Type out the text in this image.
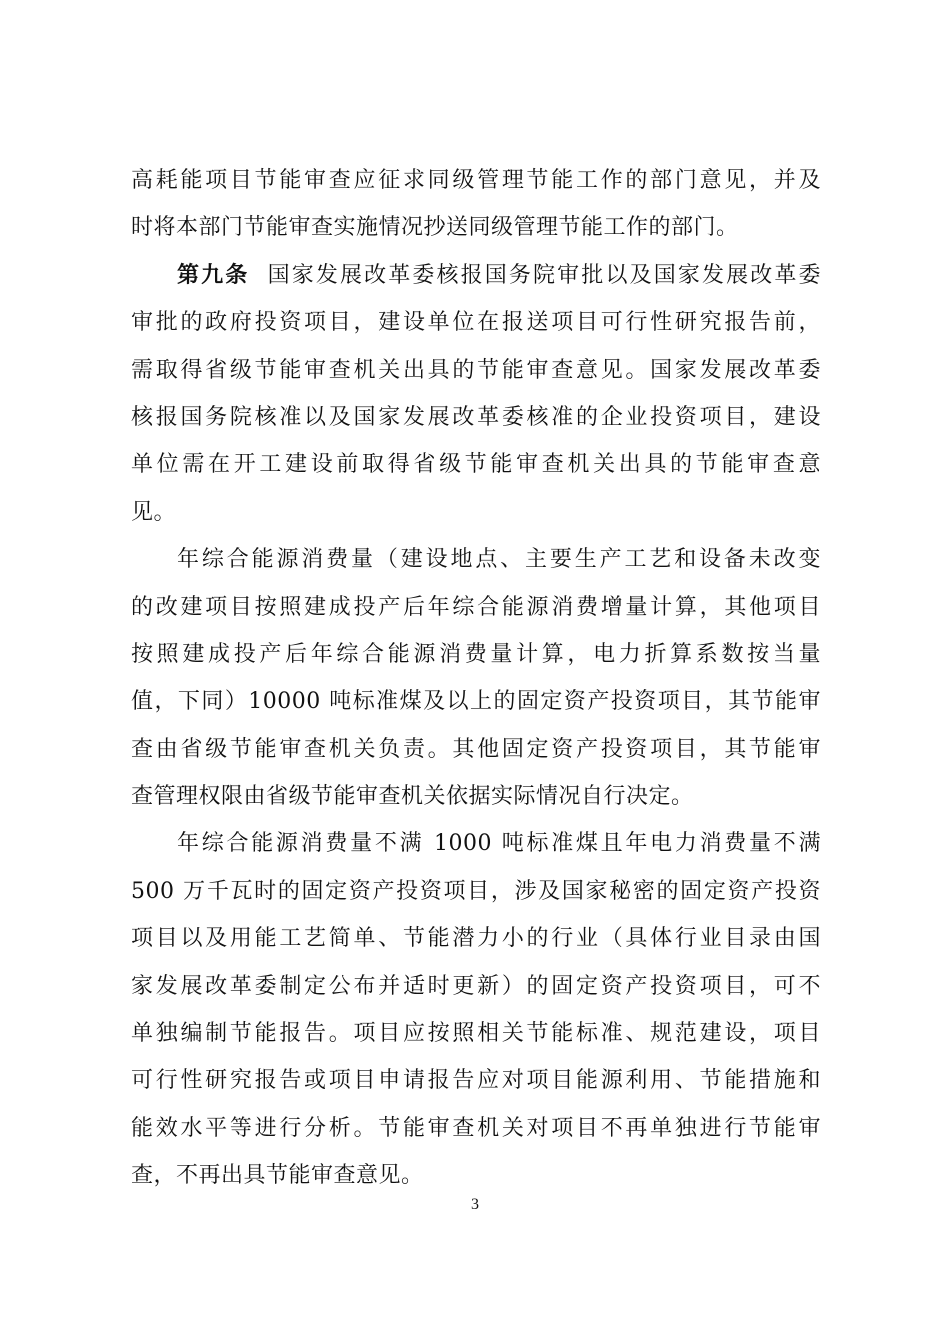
高耗能项目节能审查应征求同级管理节能工作的部门意见，并及
时将本部门节能审查实施情况抄送同级管理节能工作的部门。
第九条 国家发展改革委核报国务院审批以及国家发展改革委
审批的政府投资项目，建设单位在报送项目可行性研究报告前，
需取得省级节能审查机关出具的节能审查意见。国家发展改革委
核报国务院核准以及国家发展改革委核准的企业投资项目，建设
单位需在开工建设前取得省级节能审查机关出具的节能审查意
见。
年综合能源消费量（建设地点、主要生产工艺和设备未改变
的改建项目按照建成投产后年综合能源消费增量计算，其他项目
按照建成投产后年综合能源消费量计算，电力折算系数按当量
值，下同）10000 吨标准煤及以上的固定资产投资项目，其节能审
查由省级节能审查机关负责。其他固定资产投资项目，其节能审
查管理权限由省级节能审查机关依据实际情况自行决定。
年综合能源消费量不满 1000 吨标准煤且年电力消费量不满
500 万千瓦时的固定资产投资项目，涉及国家秘密的固定资产投资
项目以及用能工艺简单、节能潜力小的行业（具体行业目录由国
家发展改革委制定公布并适时更新）的固定资产投资项目，可不
单独编制节能报告。项目应按照相关节能标准、规范建设，项目
可行性研究报告或项目申请报告应对项目能源利用、节能措施和
能效水平等进行分析。节能审查机关对项目不再单独进行节能审
查，不再出具节能审查意见。
3
